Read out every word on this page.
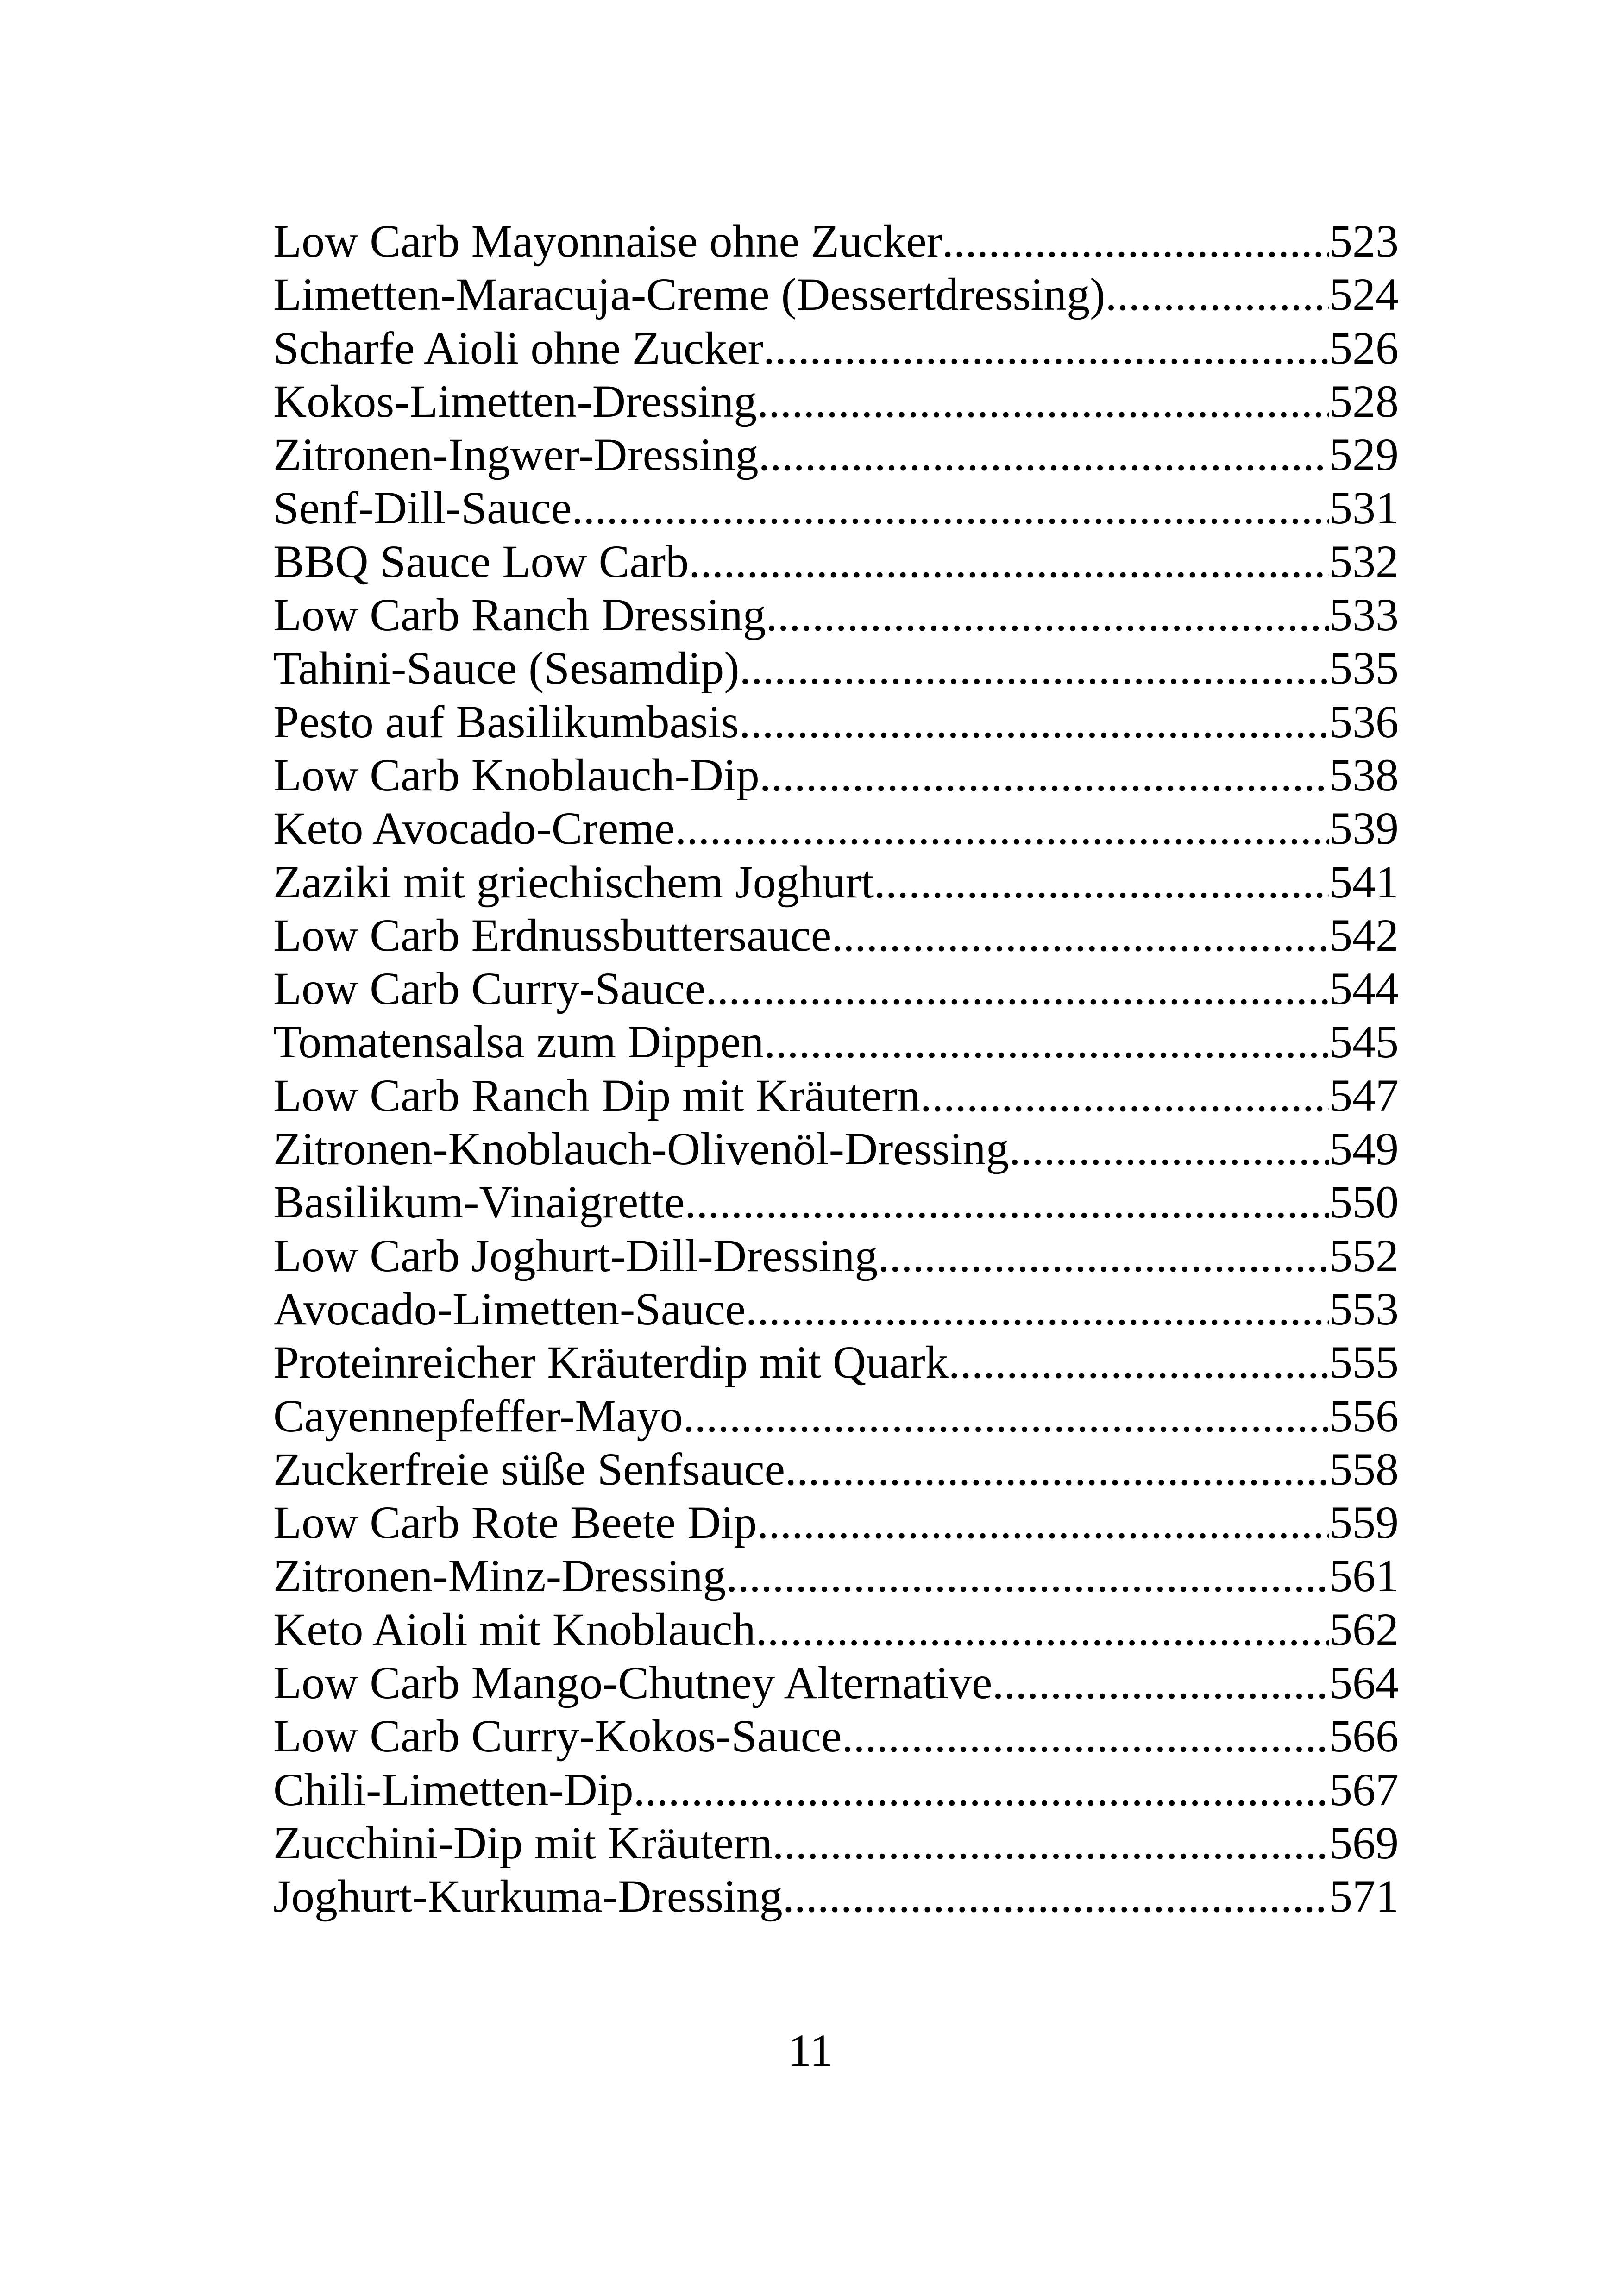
Low Carb Mayonnaise ohne Zucker .....	523
Limetten-Maracuja-Creme (Dessertdressing) .....	524
Scharfe Aioli ohne Zucker .....	526
Kokos-Limetten-Dressing .....	528
Zitronen-Ingwer-Dressing .....	529
Senf-Dill-Sauce .....	531
BBQ Sauce Low Carb .....	532
Low Carb Ranch Dressing .....	533
Tahini-Sauce (Sesamdip) .....	535
Pesto auf Basilikumbasis .....	536
Low Carb Knoblauch-Dip .....	538
Keto Avocado-Creme .....	539
Zaziki mit griechischem Joghurt .....	541
Low Carb Erdnussbuttersauce .....	542
Low Carb Curry-Sauce .....	544
Tomatensalsa zum Dippen .....	545
Low Carb Ranch Dip mit Kräutern .....	547
Zitronen-Knoblauch-Olivenöl-Dressing .....	549
Basilikum-Vinaigrette .....	550
Low Carb Joghurt-Dill-Dressing .....	552
Avocado-Limetten-Sauce .....	553
Proteinreicher Kräuterdip mit Quark .....	555
Cayennepfeffer-Mayo .....	556
Zuckerfreie süße Senfsauce .....	558
Low Carb Rote Beete Dip .....	559
Zitronen-Minz-Dressing .....	561
Keto Aioli mit Knoblauch .....	562
Low Carb Mango-Chutney Alternative .....	564
Low Carb Curry-Kokos-Sauce .....	566
Chili-Limetten-Dip .....	567
Zucchini-Dip mit Kräutern .....	569
Joghurt-Kurkuma-Dressing .....	571
11
